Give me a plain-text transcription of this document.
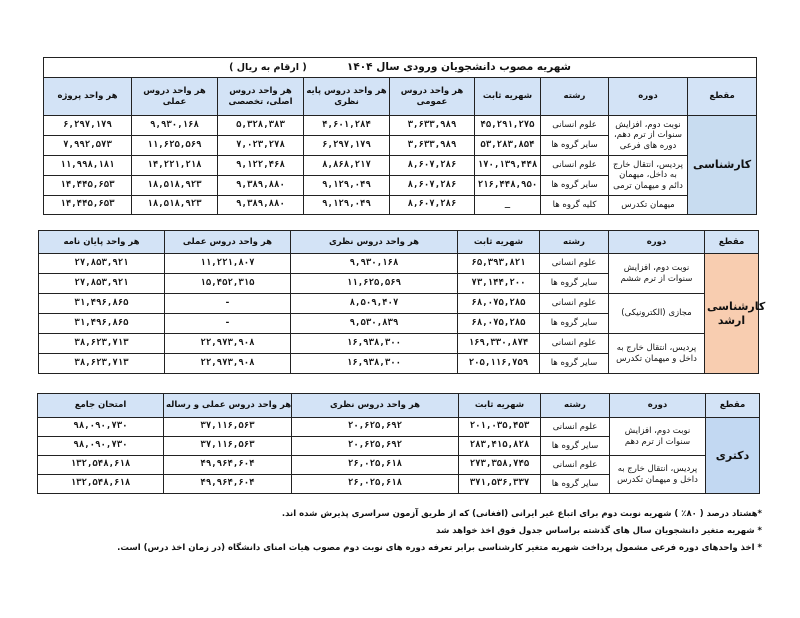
( ارقام به ریال ) شهریه مصوب دانشجویان ورودی سال ۱۴۰۴								
هر واحد پروژه	هر واحد دروس عملی	هر واحد دروس اصلی، تخصصی	هر واحد دروس پایه نظری	هر واحد دروس عمومی	شهریه ثابت	رشته	دوره	مقطع
۶,۲۹۷,۱۷۹	۹,۹۳۰,۱۶۸	۵,۳۲۸,۳۸۳	۴,۶۰۱,۲۸۴	۳,۶۳۳,۹۸۹	۴۵,۲۹۱,۲۷۵	علوم انسانی	نوبت دوم، افزایش سنوات از ترم دهم، دوره های فرعی	کارشناسی
۷,۹۹۲,۵۷۳	۱۱,۶۲۵,۵۶۹	۷,۰۲۳,۲۷۸	۶,۲۹۷,۱۷۹	۳,۶۳۳,۹۸۹	۵۳,۲۸۳,۸۵۴	سایر گروه ها		
۱۱,۹۹۸,۱۸۱	۱۴,۲۲۱,۲۱۸	۹,۱۲۲,۴۶۸	۸,۸۶۸,۲۱۷	۸,۶۰۷,۲۸۶	۱۷۰,۱۳۹,۴۴۸	علوم انسانی	پردیس، انتقال خارج به داخل، میهمان دائم و میهمان ترمی	
۱۴,۴۴۵,۶۵۳	۱۸,۵۱۸,۹۲۳	۹,۳۸۹,۸۸۰	۹,۱۲۹,۰۴۹	۸,۶۰۷,۲۸۶	۲۱۶,۴۴۸,۹۵۰	سایر گروه ها		
۱۴,۴۴۵,۶۵۳	۱۸,۵۱۸,۹۲۳	۹,۳۸۹,۸۸۰	۹,۱۲۹,۰۴۹	۸,۶۰۷,۲۸۶	_	کلیه گروه ها	میهمان تکدرس	
هر واحد پایان نامه	هر واحد دروس عملی	هر واحد دروس نظری	شهریه ثابت	رشته	دوره	مقطع
۲۷,۸۵۳,۹۲۱	۱۱,۲۲۱,۸۰۷	۹,۹۳۰,۱۶۸	۶۵,۳۹۳,۸۲۱	علوم انسانی	نوبت دوم، افزایش سنوات از ترم ششم	کارشناسی ارشد
۲۷,۸۵۳,۹۲۱	۱۵,۴۵۲,۳۱۵	۱۱,۶۲۵,۵۶۹	۷۳,۱۴۴,۲۰۰	سایر گروه ها		
۳۱,۴۹۶,۸۶۵	-	۸,۵۰۹,۴۰۷	۶۸,۰۷۵,۲۸۵	علوم انسانی	مجازی (الکترونیکی)	
۳۱,۴۹۶,۸۶۵	-	۹,۵۳۰,۸۳۹	۶۸,۰۷۵,۲۸۵	سایر گروه ها		
۳۸,۶۲۳,۷۱۳	۲۲,۹۷۳,۹۰۸	۱۶,۹۳۸,۳۰۰	۱۶۹,۳۳۰,۸۷۴	علوم انسانی	پردیس، انتقال خارج به داخل و میهمان تکدرس	
۳۸,۶۲۳,۷۱۳	۲۲,۹۷۳,۹۰۸	۱۶,۹۳۸,۳۰۰	۲۰۵,۱۱۶,۷۵۹	سایر گروه ها		
امتحان جامع	هر واحد دروس عملی و رساله	هر واحد دروس نظری	شهریه ثابت	رشته	دوره	مقطع
۹۸,۰۹۰,۷۳۰	۳۷,۱۱۶,۵۶۳	۲۰,۶۲۵,۶۹۲	۲۰۱,۰۳۵,۴۵۳	علوم انسانی	نوبت دوم، افزایش سنوات از ترم دهم	دکتری
۹۸,۰۹۰,۷۳۰	۳۷,۱۱۶,۵۶۳	۲۰,۶۲۵,۶۹۲	۲۸۳,۴۱۵,۸۲۸	سایر گروه ها		
۱۳۲,۵۴۸,۶۱۸	۴۹,۹۶۴,۶۰۴	۲۶,۰۲۵,۶۱۸	۲۷۳,۳۵۸,۷۴۵	علوم انسانی	پردیس، انتقال خارج به داخل و میهمان تکدرس	
۱۳۲,۵۴۸,۶۱۸	۴۹,۹۶۴,۶۰۴	۲۶,۰۲۵,۶۱۸	۳۷۱,۵۳۶,۳۳۷	سایر گروه ها		
*هشتاد درصد ( ۸۰٪ ) شهریه نوبت دوم برای اتباع غیر ایرانی (افغانی) که از طریق آزمون سراسری پذیرش شده اند.
* شهریه متغیر دانشجویان سال های گذشته براساس جدول فوق اخذ خواهد شد
* اخذ واحدهای دوره فرعی مشمول پرداخت شهریه متغیر کارشناسی برابر تعرفه دوره های نوبت دوم مصوب هیات امنای دانشگاه (در زمان اخذ درس) است.
